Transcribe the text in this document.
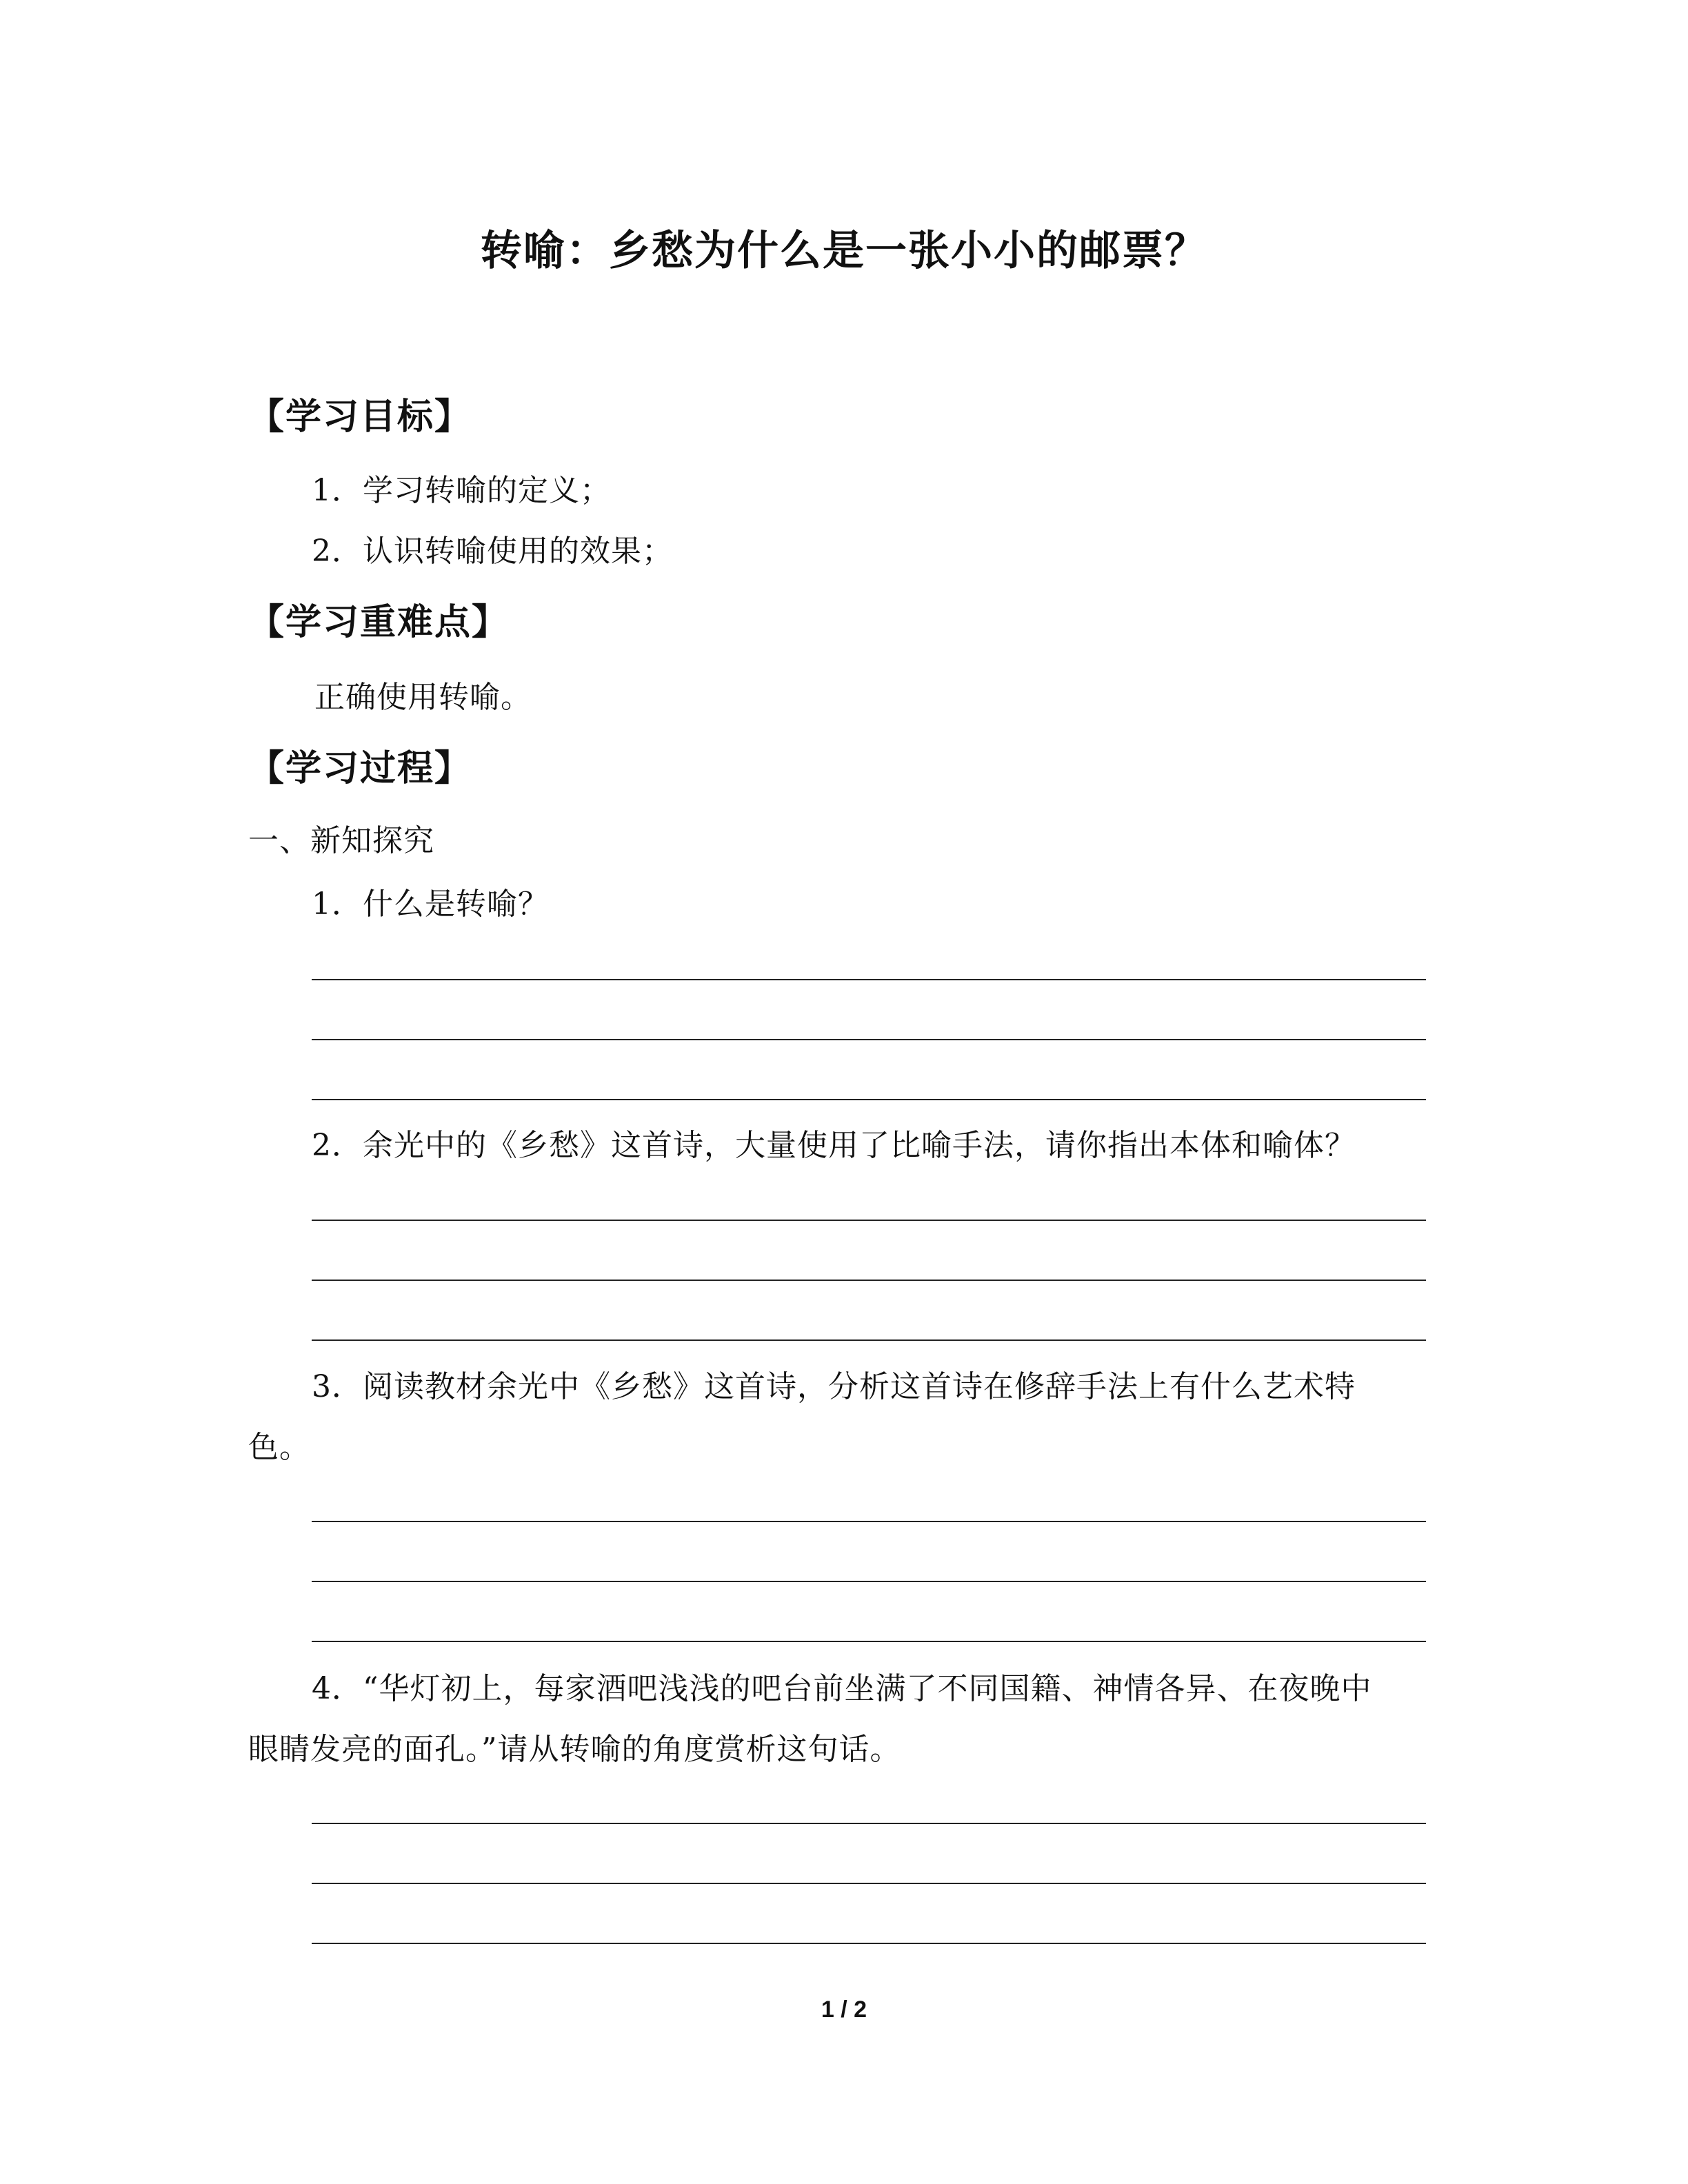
转喻：乡愁为什么是一张小小的邮票？
【学习目标】
1．学习转喻的定义；
2．认识转喻使用的效果；
【学习重难点】
正确使用转喻。
【学习过程】
一、新知探究
1．什么是转喻？
2．余光中的《乡愁》这首诗，大量使用了比喻手法，请你指出本体和喻体？
3．阅读教材余光中《乡愁》这首诗，分析这首诗在修辞手法上有什么艺术特
色。
4．“华灯初上，每家酒吧浅浅的吧台前坐满了不同国籍、神情各异、在夜晚中
眼睛发亮的面孔。”请从转喻的角度赏析这句话。
1 / 2
